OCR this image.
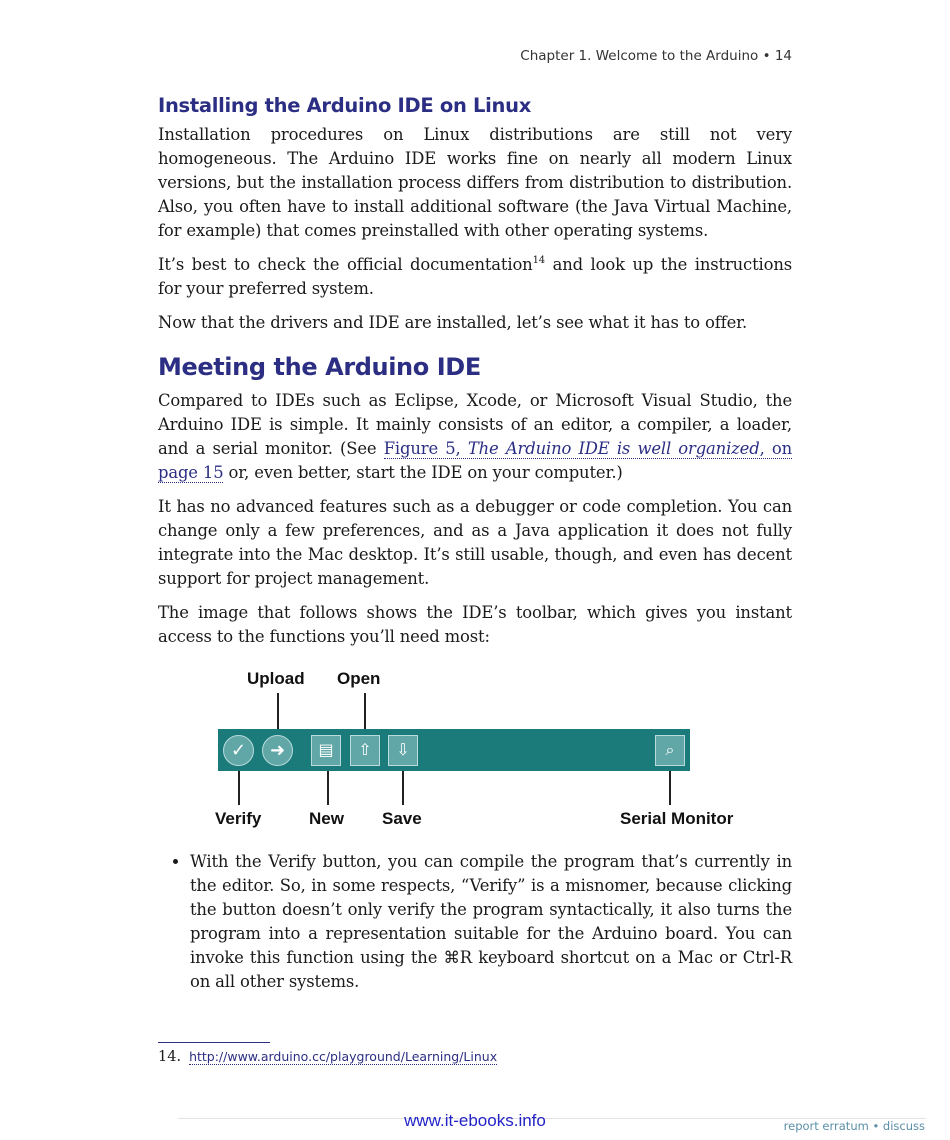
Chapter 1. Welcome to the Arduino • 14
Installing the Arduino IDE on Linux

Installation procedures on Linux distributions are still not very homogeneous. The Arduino IDE works fine on nearly all modern Linux versions, but the installation process differs from distribution to distribution. Also, you often have to install additional software (the Java Virtual Machine, for example) that comes preinstalled with other operating systems.

It’s best to check the official documentation$^{14}$ and look up the instructions for your preferred system.

Now that the drivers and IDE are installed, let’s see what it has to offer.

Meeting the Arduino IDE

Compared to IDEs such as Eclipse, Xcode, or Microsoft Visual Studio, the Arduino IDE is simple. It mainly consists of an editor, a compiler, a loader, and a serial monitor. (See Figure 5, The Arduino IDE is well organized, on page 15 or, even better, start the IDE on your computer.)

It has no advanced features such as a debugger or code completion. You can change only a few preferences, and as a Java application it does not fully integrate into the Mac desktop. It’s still usable, though, and even has decent support for project management.

The image that follows shows the IDE’s toolbar, which gives you instant access to the functions you’ll need most:

Upload Open
✓	➜	▤	⇧	⇩	⌕
Verify	New Save	Serial Monitor
• With the Verify button, you can compile the program that’s currently in the editor. So, in some respects, “Verify” is a misnomer, because clicking the button doesn’t only verify the program syntactically, it also turns the program into a representation suitable for the Arduino board. You can invoke this function using the ⌘R keyboard shortcut on a Mac or Ctrl-R on all other systems.
14. http://www.arduino.cc/playground/Learning/Linux
www.it-ebooks.info	report erratum • discuss
